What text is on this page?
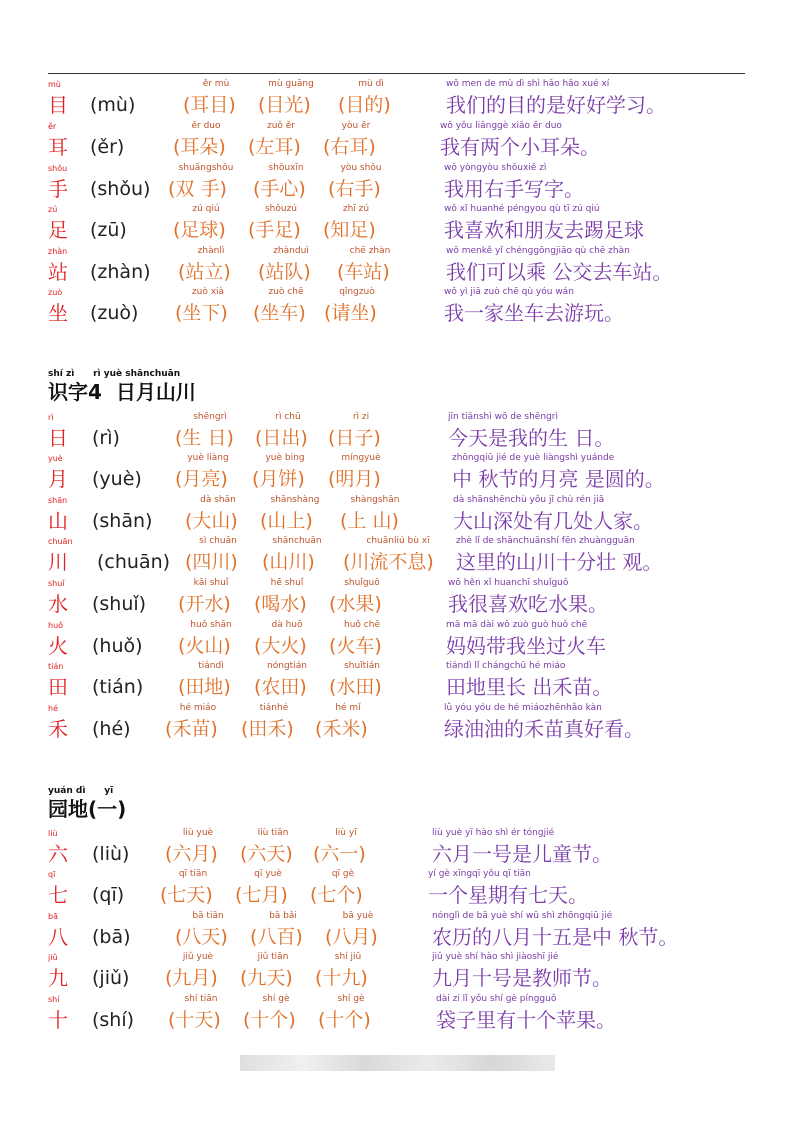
mù
目 (mù)
ěr mù
(耳目)
mù guāng
(目光)
mù dì
(目的)
wǒ men de mù dì shì hǎo hǎo xué xí
我们的目的是好好学习。
ěr
耳 (ěr)
ěr duo
(耳朵)
zuǒ ěr
(左耳)
yòu ěr
(右耳)
wǒ yǒu liǎnggè xiǎo ěr duo
我有两个小耳朵。
shǒu
手 (shǒu)
shuāngshǒu
(双 手)
shǒuxīn
(手心)
yòu shǒu
(右手)
wǒ yòngyòu shǒuxiě zì
我用右手写字。
zú
足 (zū)
zú qiú
(足球)
shǒuzú
(手足)
zhī zú
(知足)
wǒ xǐ huanhé péngyou qù tī zú qiú
我喜欢和朋友去踢足球
zhàn
站 (zhàn)
zhànlì
(站立)
zhànduì
(站队)
chē zhàn
(车站)
wǒ menkě yǐ chénggōngjiāo qù chē zhàn
我们可以乘 公交去车站。
zuò
坐 (zuò)
zuò xià
(坐下)
zuò chē
(坐车)
qǐngzuò
(请坐)
wǒ yì jiā zuò chē qù yóu wán
我一家坐车去游玩。
shí zì      rì yuè shānchuān
识字4  日月山川
rì
日 (rì)
shēngrì
(生 日)
rì chū
(日出)
rì zi
(日子)
jīn tiānshì wǒ de shēngrì
今天是我的生 日。
yuè
月 (yuè)
yuè liàng
(月亮)
yuè bing
(月饼)
míngyuè
(明月)
zhōngqiū jié de yuè liàngshì yuánde
中 秋节的月亮 是圆的。
shān
山 (shān)
dà shān
(大山)
shānshàng
(山上)
shàngshān
(上 山)
dà shānshēnchù yǒu jǐ chù rén jiā
大山深处有几处人家。
chuān
川 (chuān)
sì chuān
(四川)
shānchuān
(山川)
chuānliú bù xī
(川流不息)
zhè lǐ de shānchuānshí fēn zhuàngguān
这里的山川十分壮 观。
shuǐ
水 (shuǐ)
kāi shuǐ
(开水)
hē shuǐ
(喝水)
shuǐguǒ
(水果)
wǒ hěn xǐ huanchī shuǐguǒ
我很喜欢吃水果。
huǒ
火 (huǒ)
huǒ shān
(火山)
dà huǒ
(大火)
huǒ chē
(火车)
mā mā dài wǒ zuò guò huǒ chē
妈妈带我坐过火车
tián
田 (tián)
tiándì
(田地)
nóngtián
(农田)
shuǐtián
(水田)
tiándì lǐ chángchū hé miáo
田地里长 出禾苗。
hé
禾 (hé)
hé miáo
(禾苗)
tiánhé
(田禾)
hé mǐ
(禾米)
lǜ yóu yóu de hé miáozhēnhǎo kàn
绿油油的禾苗真好看。
yuán dì      yī
园地(一)
liù
六 (liù)
liù yuè
(六月)
liù tiān
(六天)
liù yī
(六一)
liù yuè yī hào shì ér tóngjié
六月一号是儿童节。
qī
七 (qī)
qī tiān
(七天)
qī yuè
(七月)
qī gè
(七个)
yí gè xīngqī yǒu qī tiān
一个星期有七天。
bā
八 (bā)
bā tiān
(八天)
bā bǎi
(八百)
bā yuè
(八月)
nónglì de bā yuè shí wǔ shì zhōngqiū jié
农历的八月十五是中 秋节。
jiǔ
九 (jiǔ)
jiǔ yuè
(九月)
jiǔ tiān
(九天)
shí jiǔ
(十九)
jiǔ yuè shí hào shì jiàoshī jié
九月十号是教师节。
shí
十 (shí)
shí tiān
(十天)
shí gè
(十个)
shí gè
(十个)
dài zi lǐ yǒu shí gè píngguǒ
袋子里有十个苹果。
